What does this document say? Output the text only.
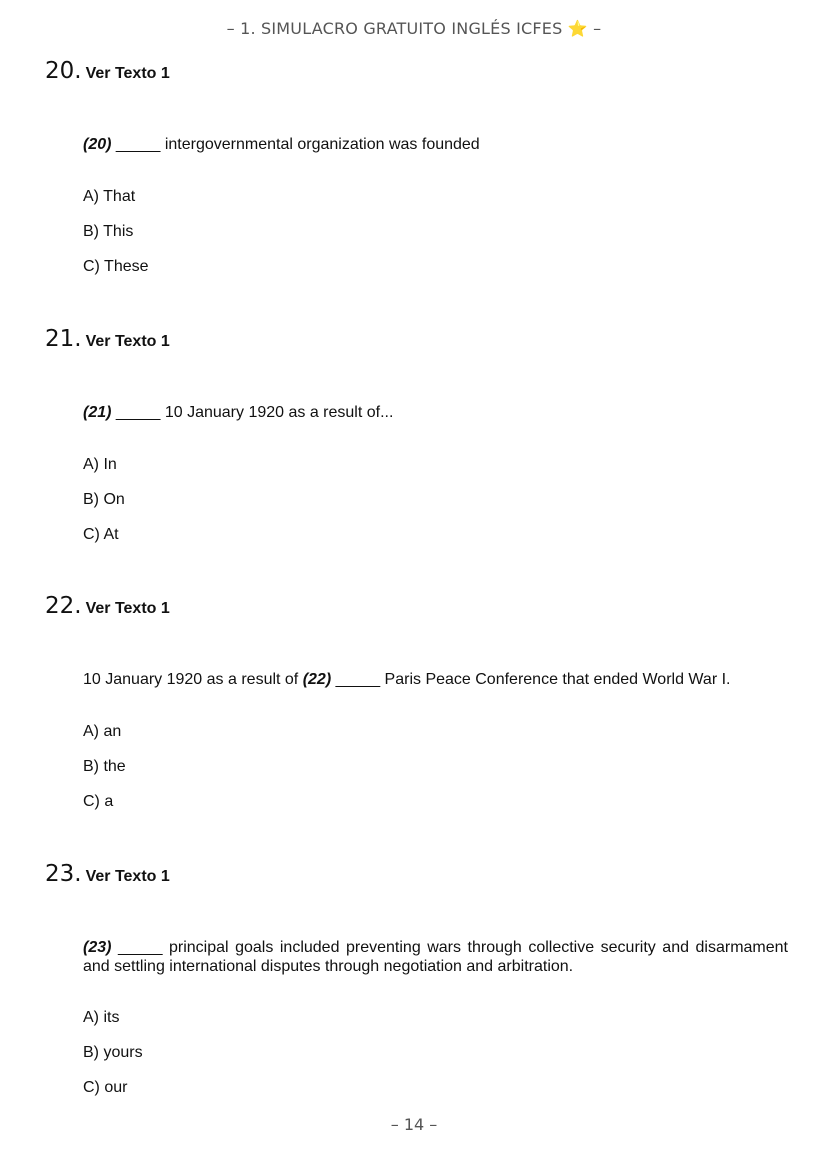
– 1. SIMULACRO GRATUITO INGLÉS ICFES ⭐ –
20. Ver Texto 1
(20) _____ intergovernmental organization was founded
A) That
B) This
C) These
21. Ver Texto 1
(21) _____ 10 January 1920 as a result of...
A) In
B) On
C) At
22. Ver Texto 1
10 January 1920 as a result of (22) _____ Paris Peace Conference that ended World War I.
A) an
B) the
C) a
23. Ver Texto 1
(23) _____ principal goals included preventing wars through collective security and disarmament and settling international disputes through negotiation and arbitration.
A) its
B) yours
C) our
– 14 –
